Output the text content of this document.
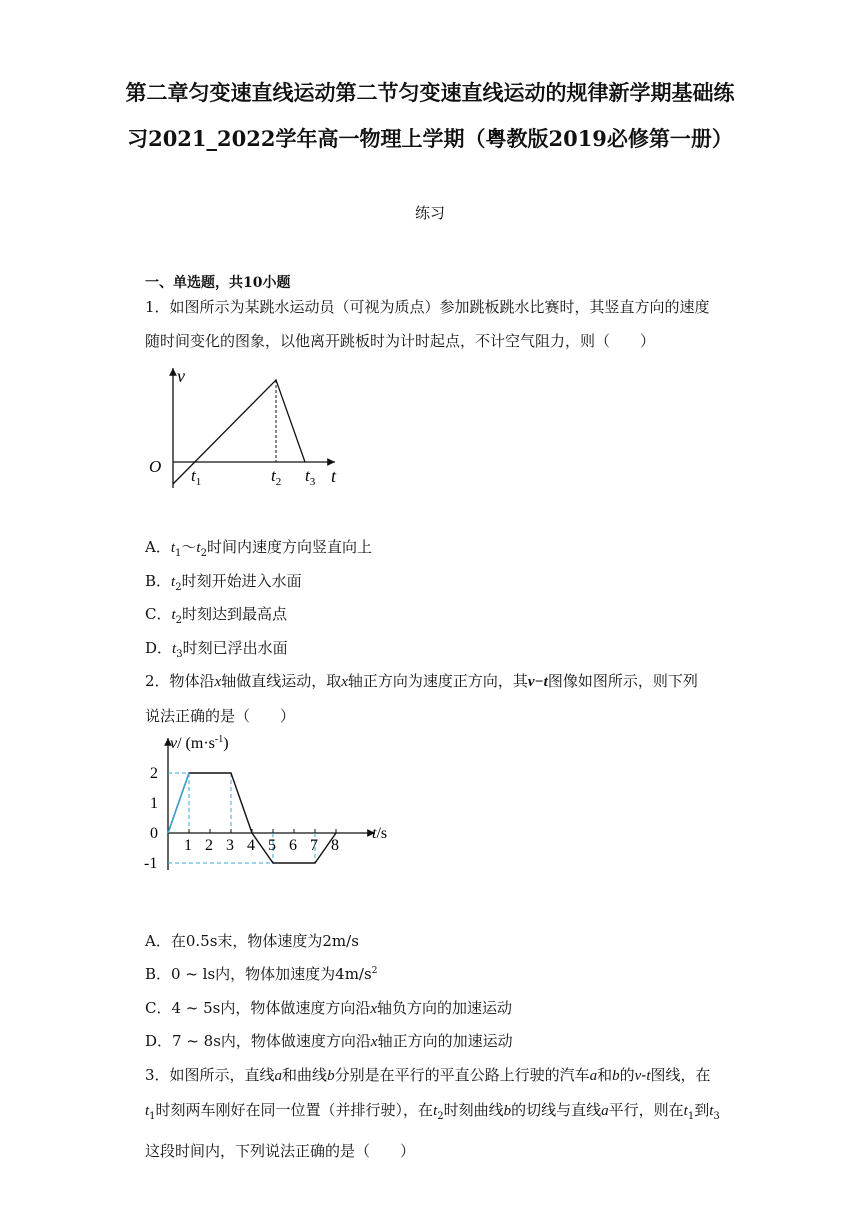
第二章匀变速直线运动第二节匀变速直线运动的规律新学期基础练习2021_2022学年高一物理上学期（粤教版2019必修第一册）
练习
一、单选题，共10小题
1．如图所示为某跳水运动员（可视为质点）参加跳板跳水比赛时，其竖直方向的速度随时间变化的图象，以他离开跳板时为计时起点，不计空气阻力，则（　　）
v
O	t
$t_1$	$t_2$ $t_3$
A．$t_1\sim t_2$时间内速度方向竖直向上
B．$t_2$时刻开始进入水面
C．$t_2$时刻达到最高点
D．$t_3$时刻已浮出水面
2．物体沿x轴做直线运动，取x轴正方向为速度正方向，其v−t图像如图所示，则下列
说法正确的是（　　）
1 2 3 4 5 6 7 8
2
1
0
-1
v/ $(m\cdot s^{-1})$
t/s
A．在0.5s末，物体速度为2m/s
B．0 ~ ls内，物体加速度为$4m/s^2$
C．4 ~ 5s内，物体做速度方向沿x轴负方向的加速运动
D．7 ~ 8s内，物体做速度方向沿x轴正方向的加速运动
3．如图所示，直线a和曲线b分别是在平行的平直公路上行驶的汽车a和b的v-t图线，在$t_1$时刻两车刚好在同一位置（并排行驶），在$t_2$时刻曲线b的切线与直线a平行，则在$t_1$到$t_3$这段时间内，下列说法正确的是（　　）
